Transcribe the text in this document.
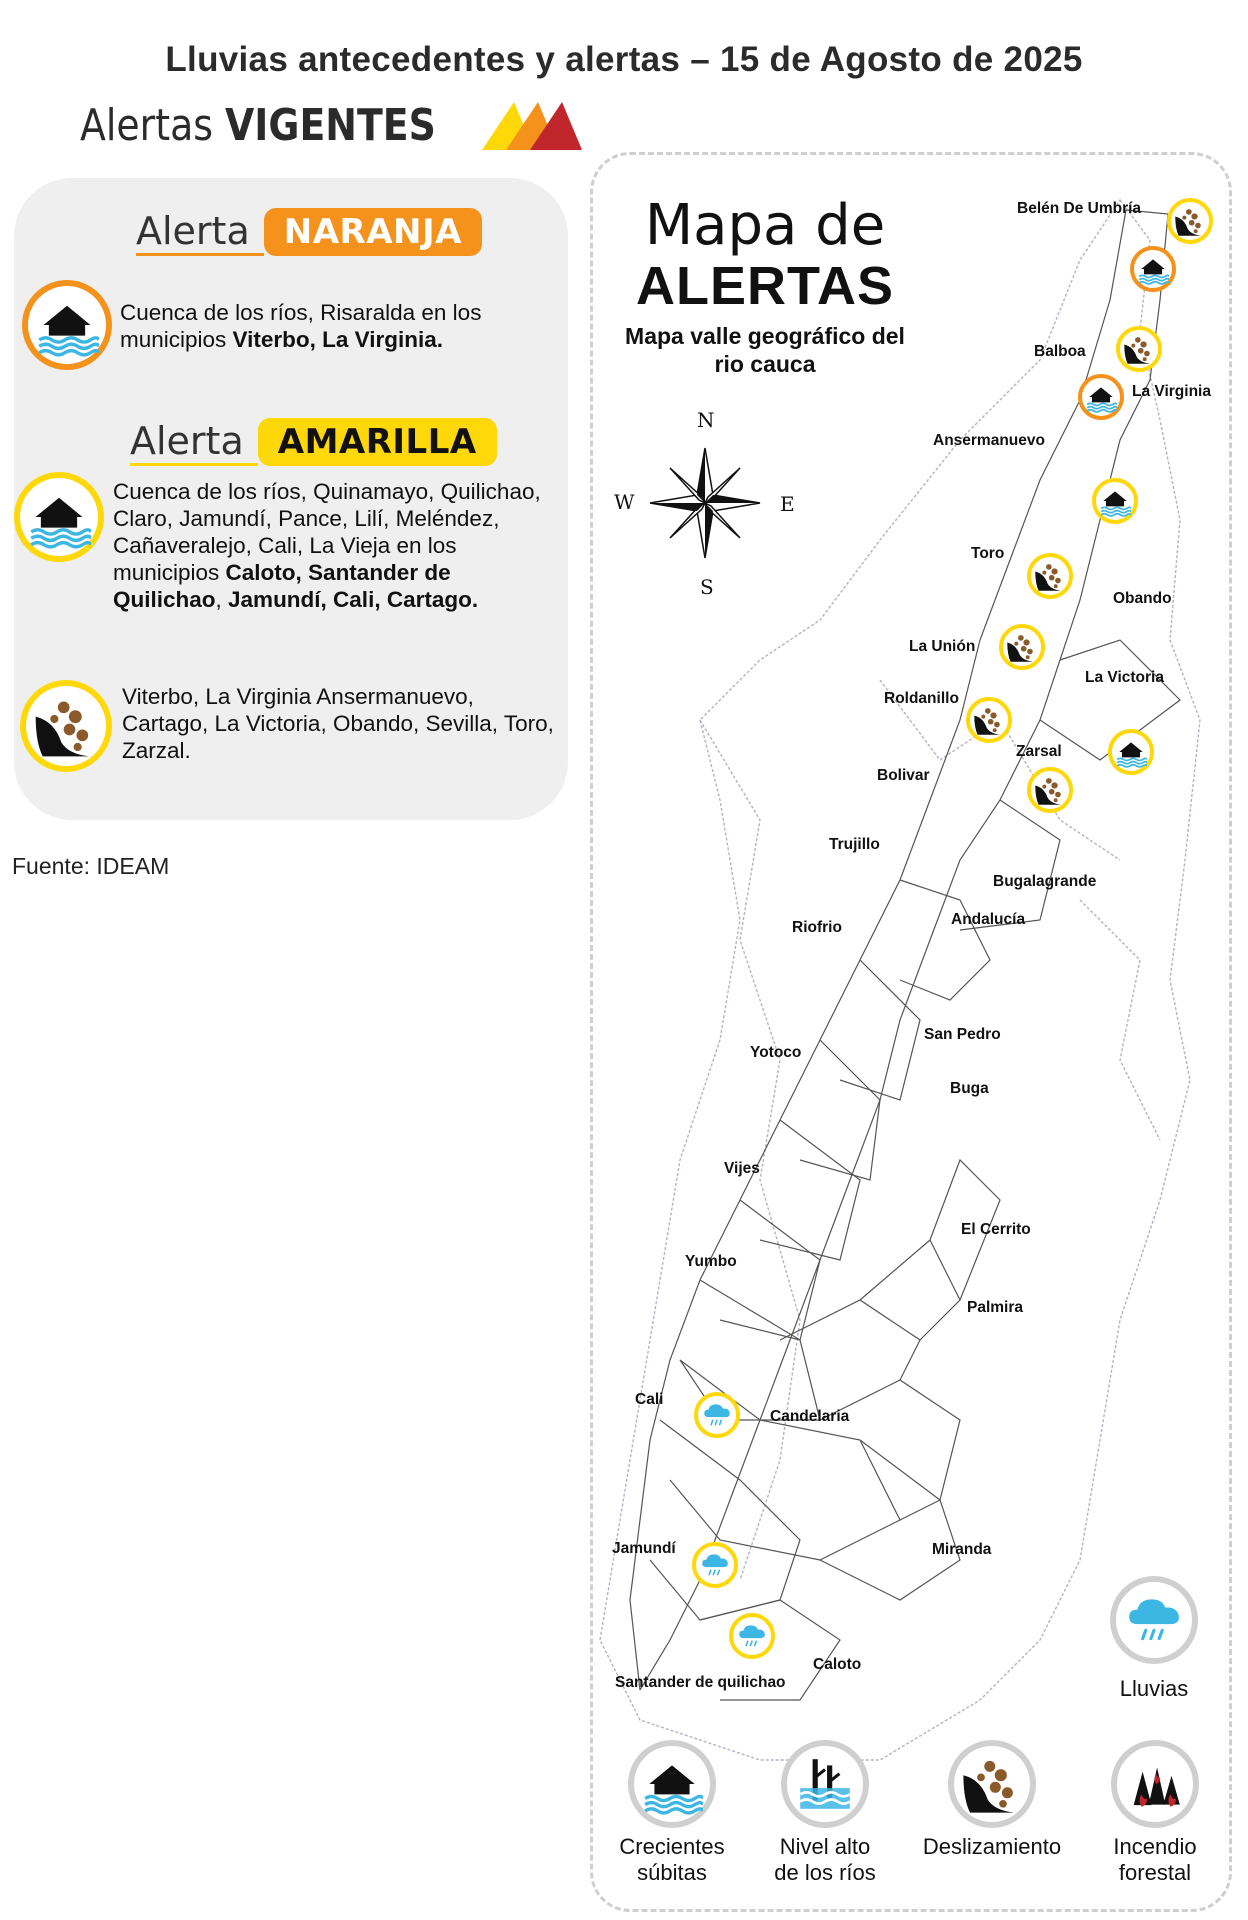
Lluvias antecedentes y alertas – 15 de Agosto de 2025
Alertas VIGENTES
Alerta	NARANJA
Cuenca de los ríos, Risaralda en los municipios Viterbo, La Virginia.
Alerta	AMARILLA
Cuenca de los ríos, Quinamayo, Quilichao, Claro, Jamundí, Pance, Lilí, Meléndez, Cañaveralejo, Cali, La Vieja en los municipios Caloto, Santander de Quilichao, Jamundí, Cali, Cartago.
Viterbo, La Virginia Ansermanuevo, Cartago, La Victoria, Obando, Sevilla, Toro, Zarzal.
Fuente: IDEAM
Mapa de
ALERTAS
Mapa valle geográfico del rio cauca
N
S
E
W
Belén De Umbría
Balboa
La Virginia
Ansermanuevo
Toro
Obando
La Unión
La Victoria
Roldanillo
Zarsal
Bolivar
Trujillo
Bugalagrande
Andalucía
Riofrio
San Pedro
Yotoco
Buga
Vijes
El Cerrito
Yumbo
Palmira
Cali
Candelaria
Jamundí	Miranda
Caloto
Santander de quilichao	Lluvias
Crecientes
súbitas
Nivel alto
de los ríos
Deslizamiento	Incendio
forestal
